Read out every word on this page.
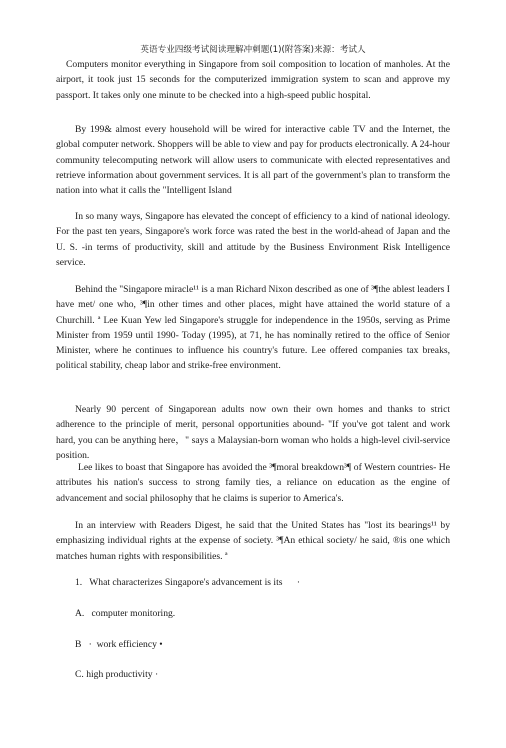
英语专业四级考试阅读理解冲刺题(1)(附答案)来源：考试人

Computers monitor everything in Singapore from soil composition to location of manholes. At the airport, it took just 15 seconds for the computerized immigration system to scan and approve my passport. It takes only one minute to be checked into a high-speed public hospital.

By 199& almost every household will be wired for interactive cable TV and the Internet, the global computer network. Shoppers will be able to view and pay for products electronically. A 24-hour community telecomputing network will allow users to communicate with elected representatives and retrieve information about government services. It is all part of the government's plan to transform the nation into what it calls the "Intelligent Island

In so many ways, Singapore has elevated the concept of efficiency to a kind of national ideology. For the past ten years, Singapore's work force was rated the best in the world-ahead of Japan and the U. S. -in terms of productivity, skill and attitude by the Business Environment Risk Intelligence service.

Behind the "Singapore miracle¹¹ is a man Richard Nixon described as one of ³¶the ablest leaders I have met/ one who, ³¶in other times and other places, might have attained the world stature of a Churchill. ª Lee Kuan Yew led Singapore's struggle for independence in the 1950s, serving as Prime Minister from 1959 until 1990- Today (1995), at 71, he has nominally retired to the office of Senior Minister, where he continues to influence his country's future. Lee offered companies tax breaks, political stability, cheap labor and strike-free environment.

Nearly 90 percent of Singaporean adults now own their own homes and thanks to strict adherence to the principle of merit, personal opportunities abound- "If you've got talent and work hard, you can be anything here，" says a Malaysian-born woman who holds a high-level civil-service position.

Lee likes to boast that Singapore has avoided the ³¶moral breakdown³¶ of Western countries- He attributes his nation's success to strong family ties, a reliance on education as the engine of advancement and social philosophy that he claims is superior to America's.

In an interview with Readers Digest, he said that the United States has "lost its bearings¹¹ by emphasizing individual rights at the expense of society. ³¶An ethical society/ he said, ®is one which matches human rights with responsibilities. ª

1.   What characterizes Singapore's advancement is its      ·
A.   computer monitoring.
B   ·  work efficiency •
C. high productivity ·
